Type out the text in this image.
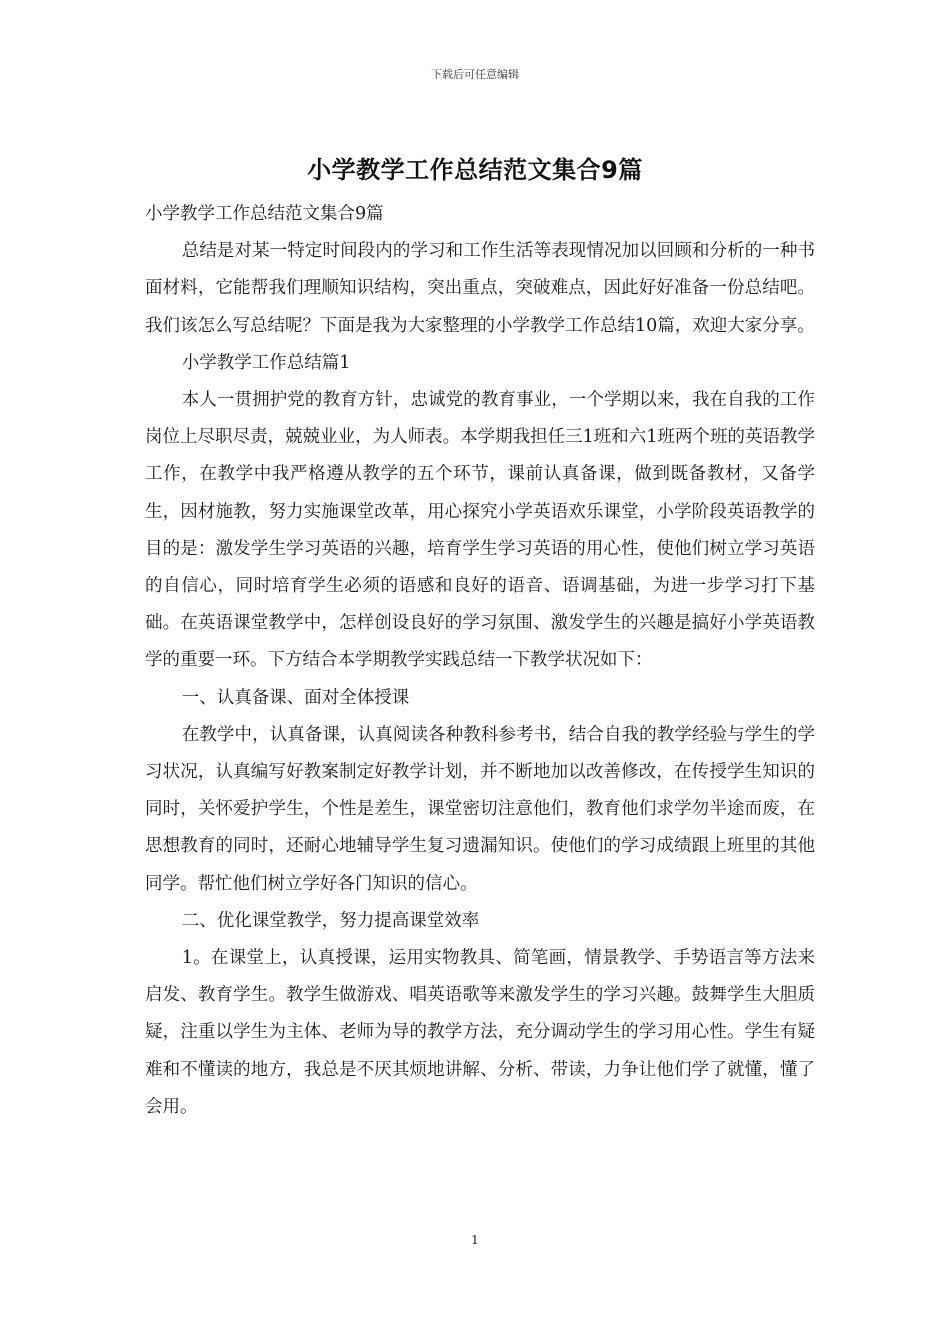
下载后可任意编辑
小学教学工作总结范文集合9篇

小学教学工作总结范文集合9篇

总结是对某一特定时间段内的学习和工作生活等表现情况加以回顾和分析的一种书面材料，它能帮我们理顺知识结构，突出重点，突破难点，因此好好准备一份总结吧。我们该怎么写总结呢？下面是我为大家整理的小学教学工作总结10篇，欢迎大家分享。

小学教学工作总结篇1

本人一贯拥护党的教育方针，忠诚党的教育事业，一个学期以来，我在自我的工作岗位上尽职尽责，兢兢业业，为人师表。本学期我担任三1班和六1班两个班的英语教学工作，在教学中我严格遵从教学的五个环节，课前认真备课，做到既备教材，又备学生，因材施教，努力实施课堂改革，用心探究小学英语欢乐课堂，小学阶段英语教学的目的是：激发学生学习英语的兴趣，培育学生学习英语的用心性，使他们树立学习英语的自信心，同时培育学生必须的语感和良好的语音、语调基础，为进一步学习打下基础。在英语课堂教学中，怎样创设良好的学习氛围、激发学生的兴趣是搞好小学英语教学的重要一环。下方结合本学期教学实践总结一下教学状况如下：

一、认真备课、面对全体授课

在教学中，认真备课，认真阅读各种教科参考书，结合自我的教学经验与学生的学习状况，认真编写好教案制定好教学计划，并不断地加以改善修改，在传授学生知识的同时，关怀爱护学生，个性是差生，课堂密切注意他们，教育他们求学勿半途而废，在思想教育的同时，还耐心地辅导学生复习遗漏知识。使他们的学习成绩跟上班里的其他同学。帮忙他们树立学好各门知识的信心。

二、优化课堂教学，努力提高课堂效率

1。在课堂上，认真授课，运用实物教具、简笔画，情景教学、手势语言等方法来启发、教育学生。教学生做游戏、唱英语歌等来激发学生的学习兴趣。鼓舞学生大胆质疑，注重以学生为主体、老师为导的教学方法，充分调动学生的学习用心性。学生有疑难和不懂读的地方，我总是不厌其烦地讲解、分析、带读，力争让他们学了就懂，懂了会用。

1
